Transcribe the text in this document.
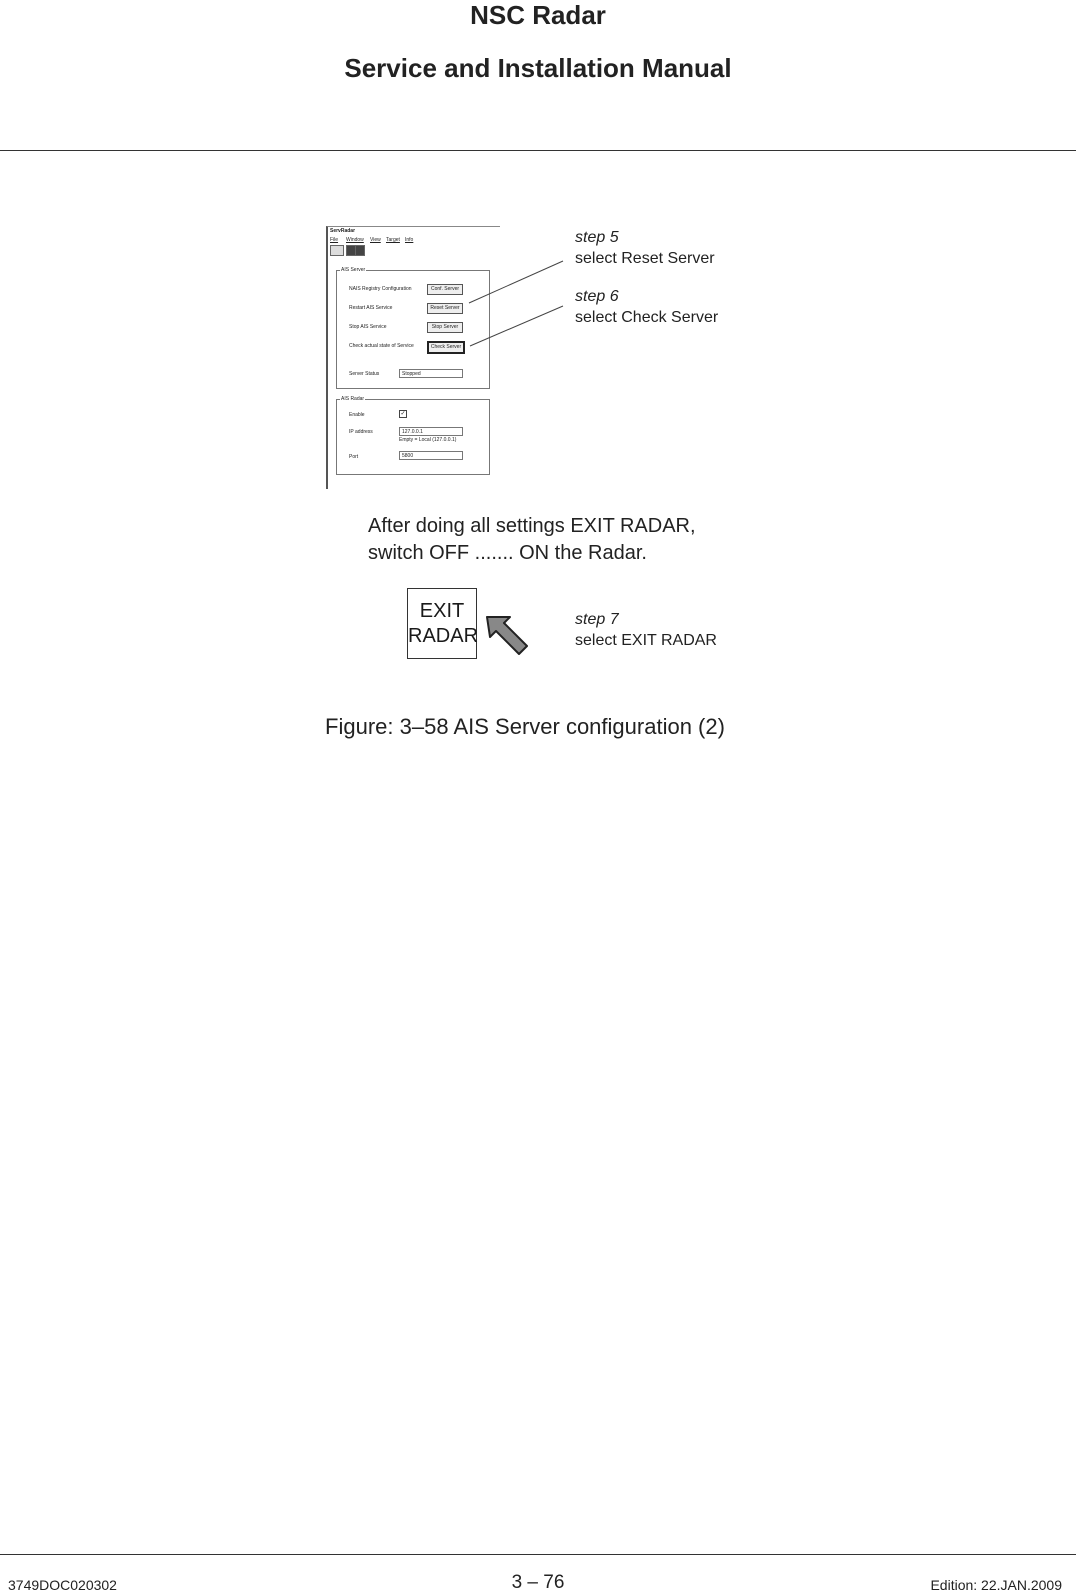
NSC Radar
Service and Installation Manual
ServRadar
File Window View Target Info
AIS Server
NAIS Registry Configuration	Conf. Server
Restart AIS Service	Reset Server
Stop AIS Service	Stop Server
Check actual state of Service	Check Server
Server Status	Stopped
AIS Radar
Enable	✓
IP address	127.0.0.1
Empty = Local (127.0.0.1)
Port	5800
step 5
select Reset Server
step 6
select Check Server
After doing all settings EXIT RADAR,
switch OFF ....... ON the Radar.
EXIT
RADAR
step 7
select EXIT RADAR
Figure: 3–58 AIS Server configuration (2)
3749DOC020302	3 – 76	Edition: 22.JAN.2009
